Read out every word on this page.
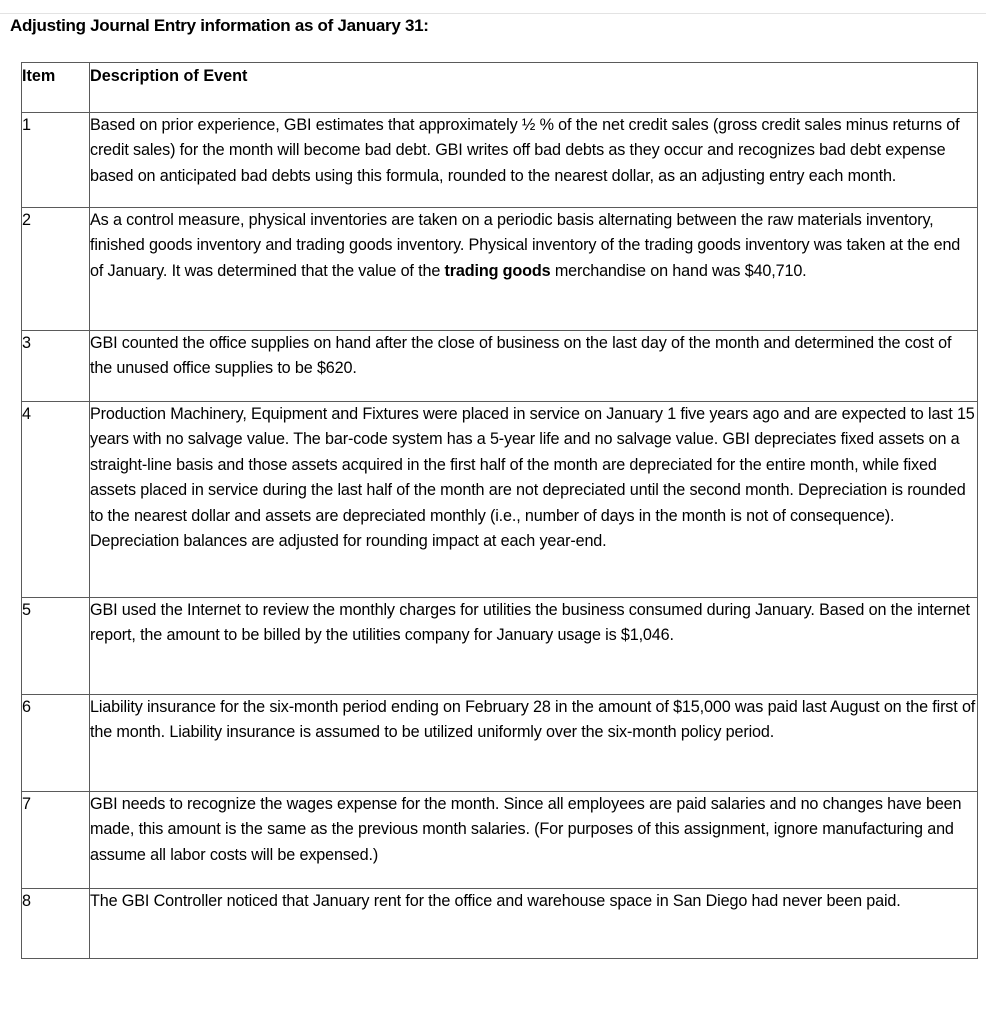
Adjusting Journal Entry information as of January 31:
Item	Description of Event
1	Based on prior experience, GBI estimates that approximately ½ % of the net credit sales (gross credit sales minus returns of credit sales) for the month will become bad debt. GBI writes off bad debts as they occur and recognizes bad debt expense based on anticipated bad debts using this formula, rounded to the nearest dollar, as an adjusting entry each month.

2	As a control measure, physical inventories are taken on a periodic basis alternating between the raw materials inventory, finished goods inventory and trading goods inventory. Physical inventory of the trading goods inventory was taken at the end of January. It was determined that the value of the trading goods merchandise on hand was $40,710.

3	GBI counted the office supplies on hand after the close of business on the last day of the month and determined the cost of the unused office supplies to be $620.

4	Production Machinery, Equipment and Fixtures were placed in service on January 1 five years ago and are expected to last 15 years with no salvage value. The bar-code system has a 5-year life and no salvage value. GBI depreciates fixed assets on a straight-line basis and those assets acquired in the first half of the month are depreciated for the entire month, while fixed assets placed in service during the last half of the month are not depreciated until the second month. Depreciation is rounded to the nearest dollar and assets are depreciated monthly (i.e., number of days in the month is not of consequence). Depreciation balances are adjusted for rounding impact at each year-end.

5	GBI used the Internet to review the monthly charges for utilities the business consumed during January. Based on the internet report, the amount to be billed by the utilities company for January usage is $1,046.

6	Liability insurance for the six-month period ending on February 28 in the amount of $15,000 was paid last August on the first of the month. Liability insurance is assumed to be utilized uniformly over the six-month policy period.

7	GBI needs to recognize the wages expense for the month. Since all employees are paid salaries and no changes have been made, this amount is the same as the previous month salaries. (For purposes of this assignment, ignore manufacturing and assume all labor costs will be expensed.)

8	The GBI Controller noticed that January rent for the office and warehouse space in San Diego had never been paid.
